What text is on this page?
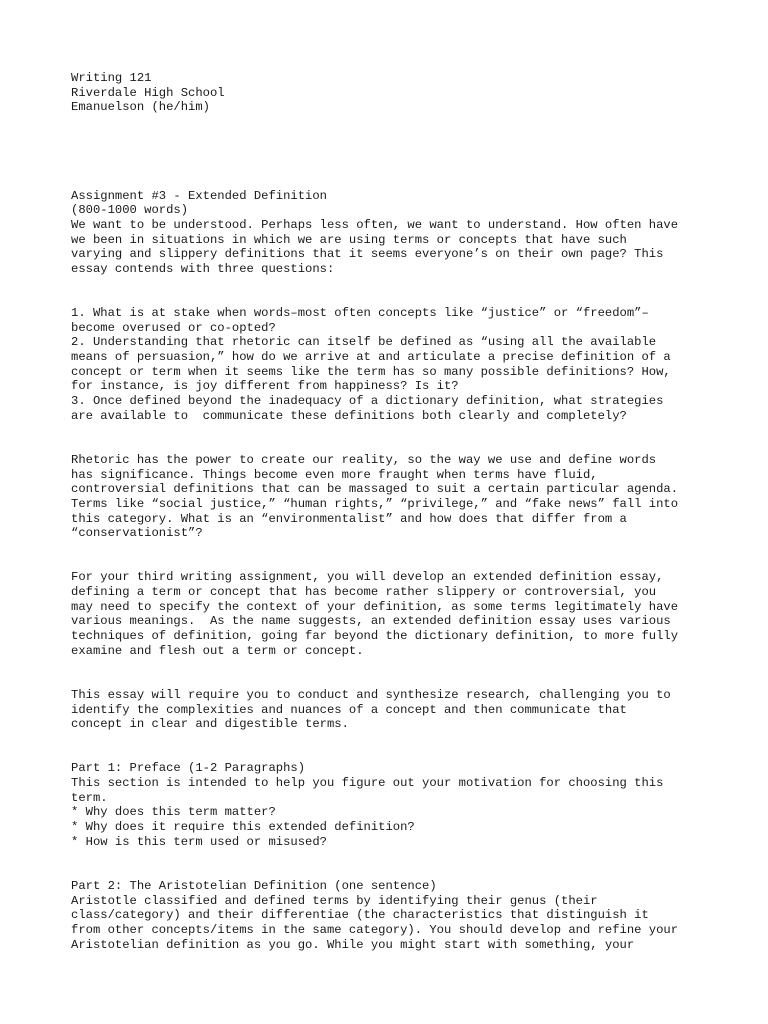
Writing 121
Riverdale High School
Emanuelson (he/him)
Assignment #3 - Extended Definition
(800-1000 words)
We want to be understood. Perhaps less often, we want to understand. How often have
we been in situations in which we are using terms or concepts that have such
varying and slippery definitions that it seems everyone’s on their own page? This
essay contends with three questions:
1. What is at stake when words–most often concepts like “justice” or “freedom”–
become overused or co-opted?
2. Understanding that rhetoric can itself be defined as “using all the available
means of persuasion,” how do we arrive at and articulate a precise definition of a
concept or term when it seems like the term has so many possible definitions? How,
for instance, is joy different from happiness? Is it?
3. Once defined beyond the inadequacy of a dictionary definition, what strategies
are available to  communicate these definitions both clearly and completely?
Rhetoric has the power to create our reality, so the way we use and define words
has significance. Things become even more fraught when terms have fluid,
controversial definitions that can be massaged to suit a certain particular agenda.
Terms like “social justice,” “human rights,” “privilege,” and “fake news” fall into
this category. What is an “environmentalist” and how does that differ from a
“conservationist”?
For your third writing assignment, you will develop an extended definition essay,
defining a term or concept that has become rather slippery or controversial, you
may need to specify the context of your definition, as some terms legitimately have
various meanings.  As the name suggests, an extended definition essay uses various
techniques of definition, going far beyond the dictionary definition, to more fully
examine and flesh out a term or concept.
This essay will require you to conduct and synthesize research, challenging you to
identify the complexities and nuances of a concept and then communicate that
concept in clear and digestible terms.
Part 1: Preface (1-2 Paragraphs)
This section is intended to help you figure out your motivation for choosing this
term.
* Why does this term matter?
* Why does it require this extended definition?
* How is this term used or misused?
Part 2: The Aristotelian Definition (one sentence)
Aristotle classified and defined terms by identifying their genus (their
class/category) and their differentiae (the characteristics that distinguish it
from other concepts/items in the same category). You should develop and refine your
Aristotelian definition as you go. While you might start with something, your
